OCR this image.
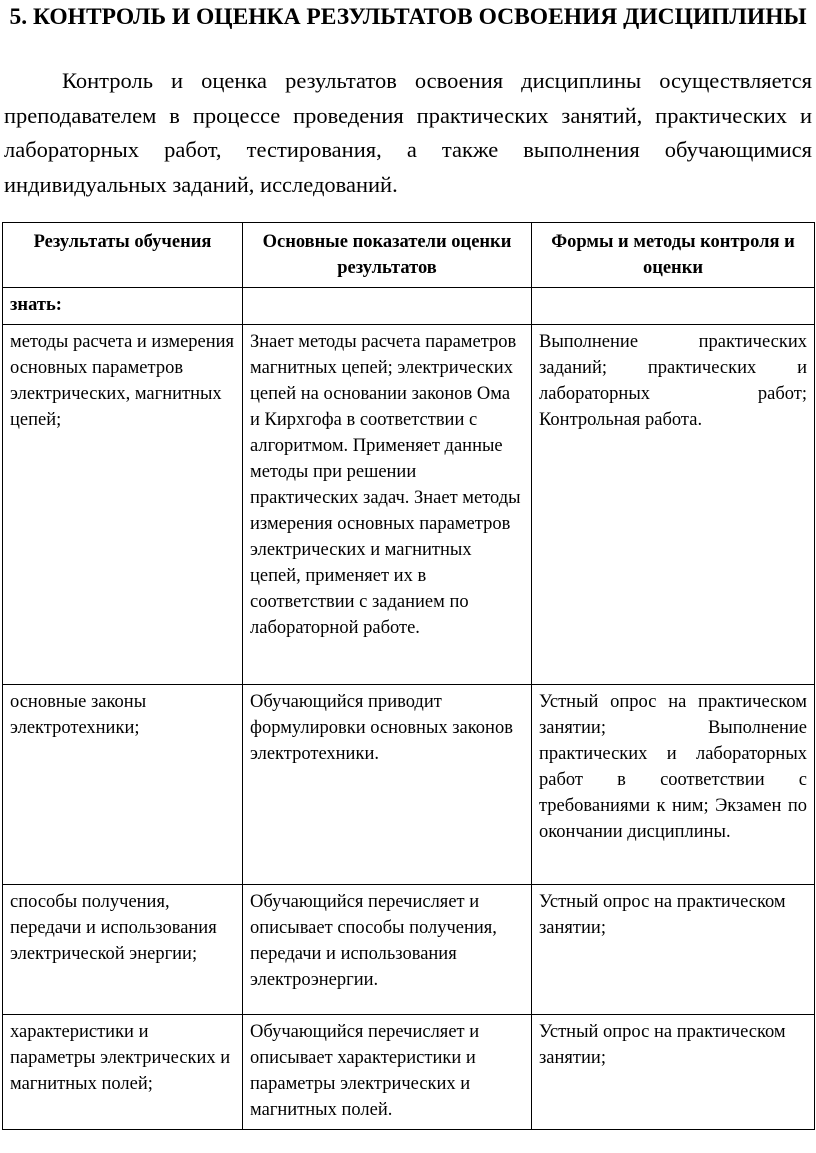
5. КОНТРОЛЬ И ОЦЕНКА РЕЗУЛЬТАТОВ ОСВОЕНИЯ ДИСЦИПЛИНЫ

Контроль и оценка результатов освоения дисциплины осуществляется преподавателем в процессе проведения практических занятий, практических и лабораторных работ, тестирования, а также выполнения обучающимися индивидуальных заданий, исследований.

Результаты обучения	Основные показатели оценки результатов	Формы и методы контроля и оценки
знать:		
методы расчета и измерения основных параметров электрических, магнитных цепей;	Знает методы расчета параметров магнитных цепей; электрических цепей на основании законов Ома и Кирхгофа в соответствии с алгоритмом. Применяет данные методы при решении практических задач. Знает методы измерения основных параметров электрических и магнитных цепей, применяет их в соответствии с заданием по лабораторной работе.	Выполнение практических заданий; практических и лабораторных работ; Контрольная работа.
основные законы электротехники;	Обучающийся приводит формулировки основных законов электротехники.	Устный опрос на практическом занятии; Выполнение практических и лабораторных работ в соответствии с требованиями к ним; Экзамен по окончании дисциплины.
способы получения, передачи и использования электрической энергии;	Обучающийся перечисляет и описывает способы получения, передачи и использования электроэнергии.	Устный опрос на практическом занятии;
характеристики и параметры электрических и магнитных полей;	Обучающийся перечисляет и описывает характеристики и параметры электрических и магнитных полей.	Устный опрос на практическом занятии;
